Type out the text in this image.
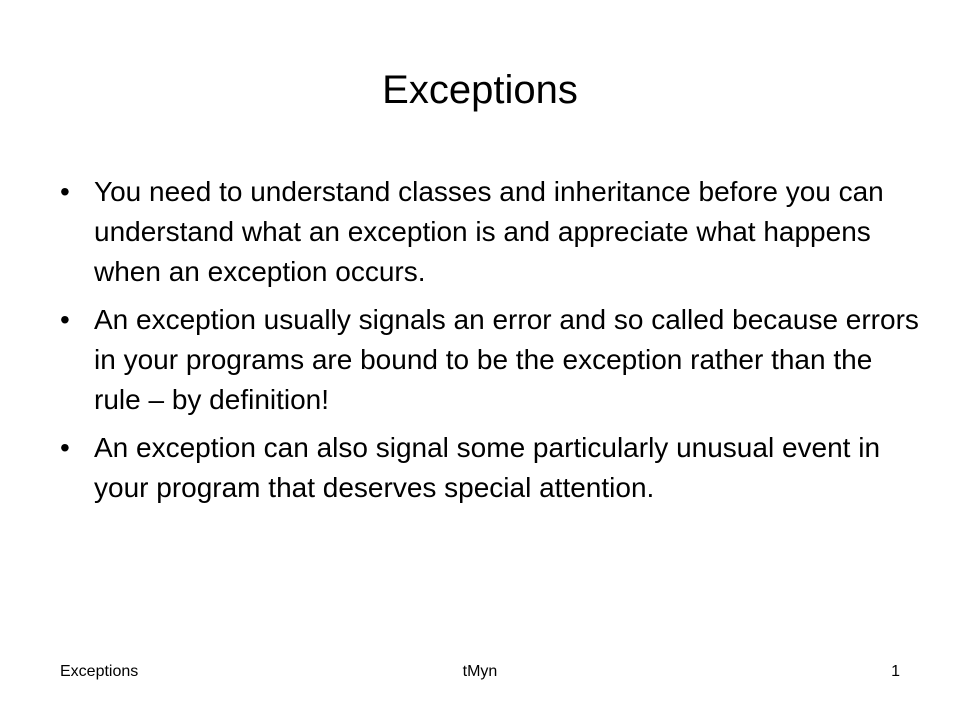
Exceptions
• You need to understand classes and inheritance before you can understand what an exception is and appreciate what happens when an exception occurs.
• An exception usually signals an error and so called because errors in your programs are bound to be the exception rather than the rule – by definition!
• An exception can also signal some particularly unusual event in your program that deserves special attention.
Exceptions	tMyn	1
